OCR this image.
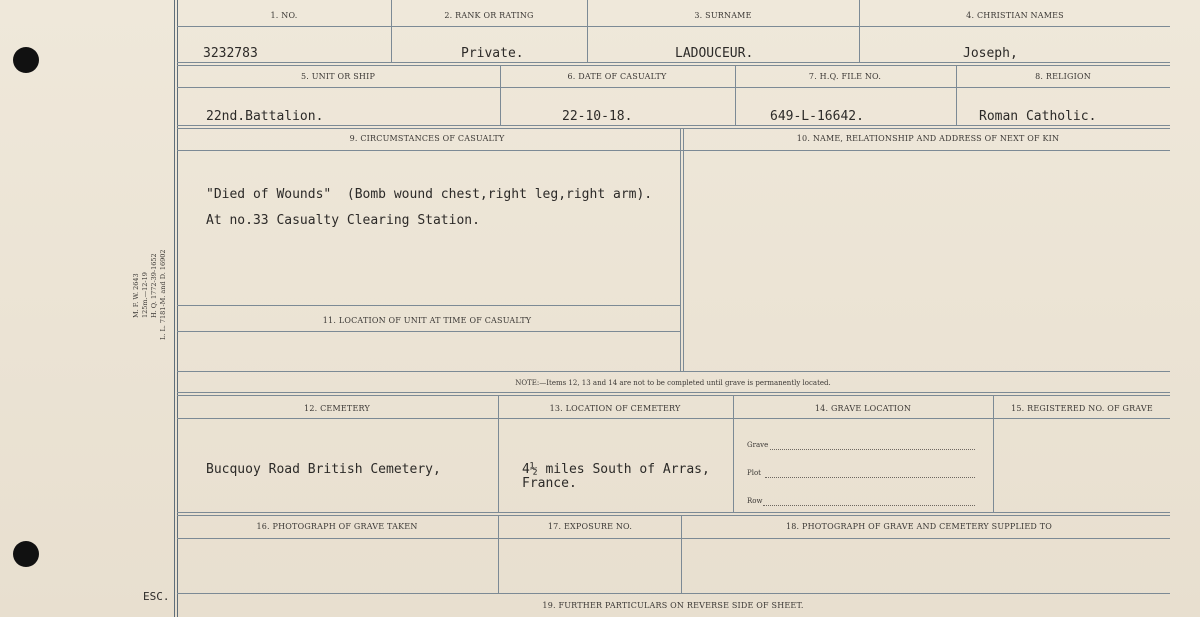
M. F. W. 2643 125m.—12-19 H. Q. 1772-39-1652 L. L. 7181-M. and D. 16902
ESC.
1. NO.	2. RANK OR RATING	3. SURNAME	4. CHRISTIAN NAMES
3232783	Private.	LADOUCEUR.	Joseph,
5. UNIT OR SHIP	6. DATE OF CASUALTY	7. H.Q. FILE NO.	8. RELIGION
22nd.Battalion.	22-10-18.	649-L-16642.	Roman Catholic.
9. CIRCUMSTANCES OF CASUALTY	10. NAME, RELATIONSHIP AND ADDRESS OF NEXT OF KIN
"Died of Wounds"  (Bomb wound chest,right leg,right arm).
At no.33 Casualty Clearing Station.
11. LOCATION OF UNIT AT TIME OF CASUALTY
NOTE:—Items 12, 13 and 14 are not to be completed until grave is permanently located.
12. CEMETERY	13. LOCATION OF CEMETERY	14. GRAVE LOCATION	15. REGISTERED NO. OF GRAVE
Bucquoy Road British Cemetery,	4½ miles South of Arras,
France.
Grave
Plot
Row
16. PHOTOGRAPH OF GRAVE TAKEN	17. EXPOSURE NO.	18. PHOTOGRAPH OF GRAVE AND CEMETERY SUPPLIED TO
19. FURTHER PARTICULARS ON REVERSE SIDE OF SHEET.
